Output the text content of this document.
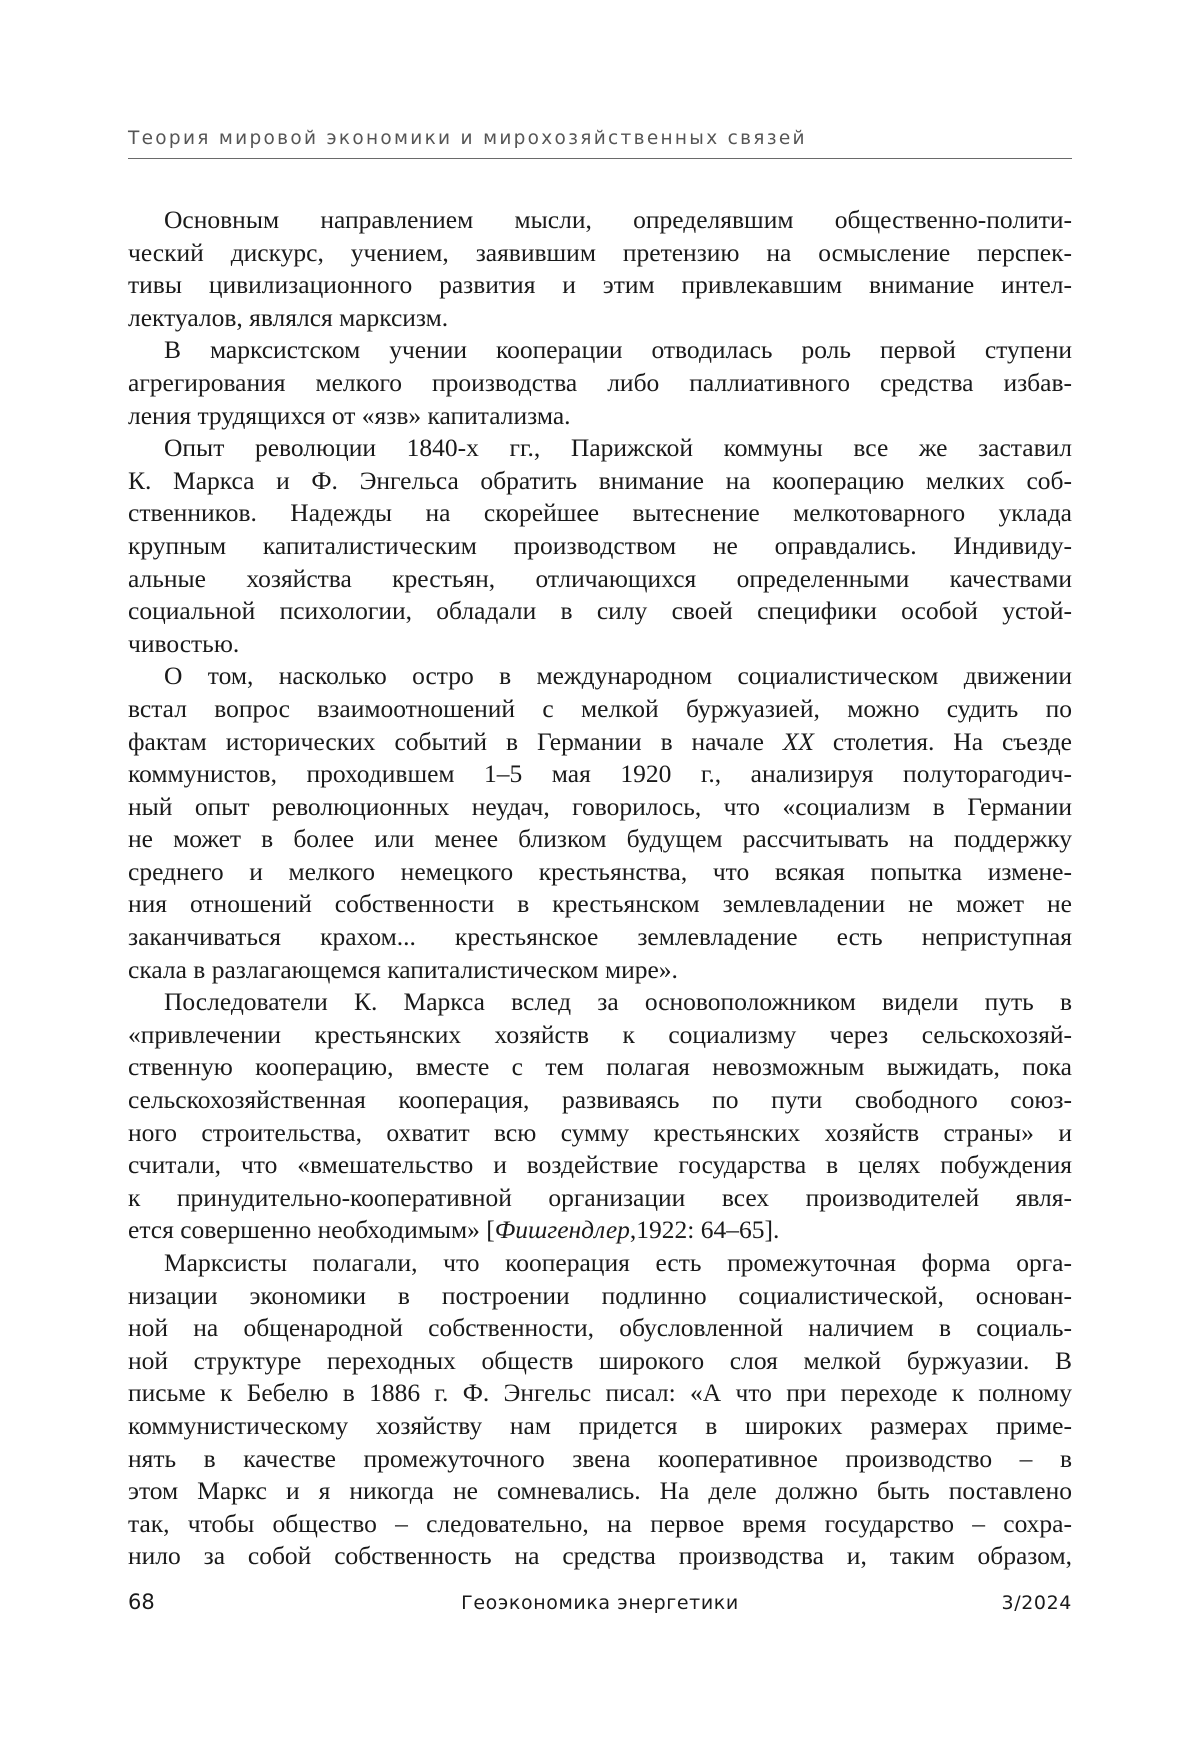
Теория мировой экономики и мирохозяйственных связей

Основным направлением мысли, определявшим общественно-полити-
ческий дискурс, учением, заявившим претензию на осмысление перспек-
тивы цивилизационного развития и этим привлекавшим внимание интел-
лектуалов, являлся марксизм.

В марксистском учении кооперации отводилась роль первой ступени
агрегирования мелкого производства либо паллиативного средства избав-
ления трудящихся от «язв» капитализма.

Опыт революции 1840-х гг., Парижской коммуны все же заставил
К. Маркса и Ф. Энгельса обратить внимание на кооперацию мелких соб-
ственников. Надежды на скорейшее вытеснение мелкотоварного уклада
крупным капиталистическим производством не оправдались. Индивиду-
альные хозяйства крестьян, отличающихся определенными качествами
социальной психологии, обладали в силу своей специфики особой устой-
чивостью.

О том, насколько остро в международном социалистическом движении
встал вопрос взаимоотношений с мелкой буржуазией, можно судить по
фактам исторических событий в Германии в начале XX столетия. На съезде
коммунистов, проходившем 1–5 мая 1920 г., анализируя полуторагодич-
ный опыт революционных неудач, говорилось, что «социализм в Германии
не может в более или менее близком будущем рассчитывать на поддержку
среднего и мелкого немецкого крестьянства, что всякая попытка измене-
ния отношений собственности в крестьянском землевладении не может не
заканчиваться крахом... крестьянское землевладение есть неприступная
скала в разлагающемся капиталистическом мире».

Последователи К. Маркса вслед за основоположником видели путь в
«привлечении крестьянских хозяйств к социализму через сельскохозяй-
ственную кооперацию, вместе с тем полагая невозможным выжидать, пока
сельскохозяйственная кооперация, развиваясь по пути свободного союз-
ного строительства, охватит всю сумму крестьянских хозяйств страны» и
считали, что «вмешательство и воздействие государства в целях побуждения
к принудительно-кооперативной организации всех производителей явля-
ется совершенно необходимым» [Фишгендлер,1922: 64–65].

Марксисты полагали, что кооперация есть промежуточная форма орга-
низации экономики в построении подлинно социалистической, основан-
ной на общенародной собственности, обусловленной наличием в социаль-
ной структуре переходных обществ широкого слоя мелкой буржуазии. В
письме к Бебелю в 1886 г. Ф. Энгельс писал: «А что при переходе к полному
коммунистическому хозяйству нам придется в широких размерах приме-
нять в качестве промежуточного звена кооперативное производство – в
этом Маркс и я никогда не сомневались. На деле должно быть поставлено
так, чтобы общество – следовательно, на первое время государство – сохра-
нило за собой собственность на средства производства и, таким образом,

68	Геоэкономика энергетики	3/2024
